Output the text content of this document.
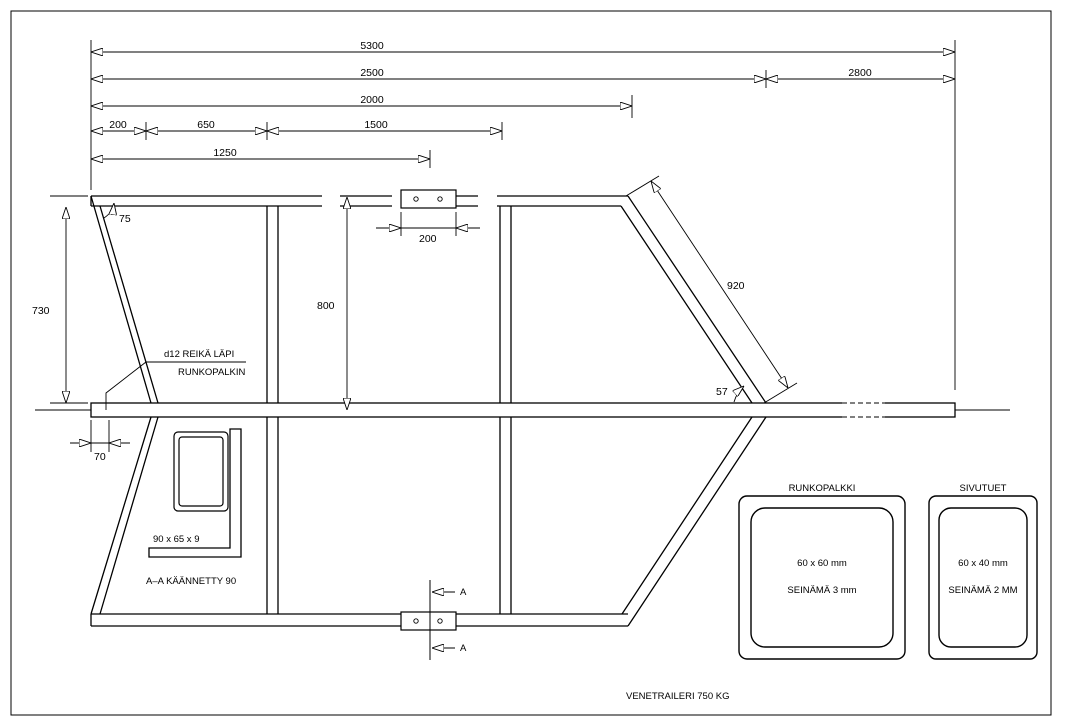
5300
2500	2800
2000
200	650	1500
1250
A
A
730
75
800
200
920
57
70
d12 REIKÄ LÄPI
RUNKOPALKIN
90 x 65 x 9
A–A KÄÄNNETTY 90
RUNKOPALKKI
60 x 60 mm
SEINÄMÄ 3 mm
SIVUTUET
60 x 40 mm
SEINÄMÄ 2 MM
VENETRAILERI 750 KG
